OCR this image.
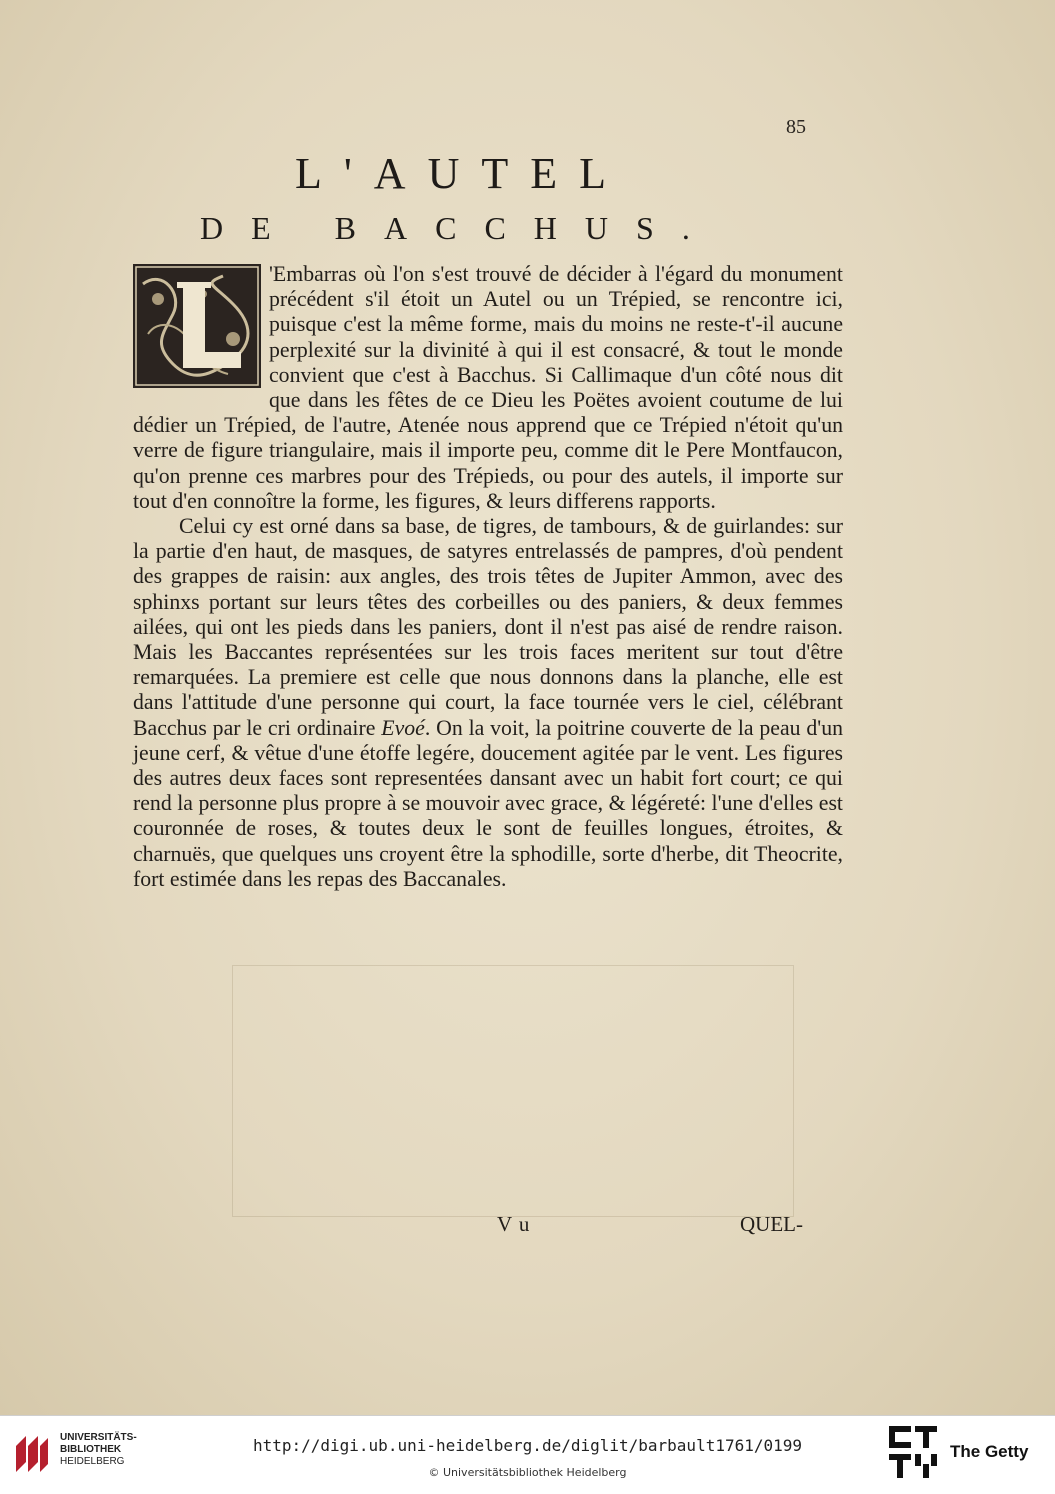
85
L'AUTEL
DE BACCHUS.

'Embarras où l'on s'est trouvé de décider à l'égard du monument précédent s'il étoit un Autel ou un Trépied, se rencontre ici, puisque c'est la même forme, mais du moins ne reste-t'-il aucune perplexité sur la divinité à qui il est consacré, & tout le monde convient que c'est à Bacchus. Si Callimaque d'un côté nous dit que dans les fêtes de ce Dieu les Poëtes avoient coutume de lui dédier un Trépied, de l'autre, Atenée nous apprend que ce Trépied n'étoit qu'un verre de figure triangulaire, mais il importe peu, comme dit le Pere Montfaucon, qu'on prenne ces marbres pour des Trépieds, ou pour des autels, il importe sur tout d'en connoître la forme, les figures, & leurs differens rapports.

Celui cy est orné dans sa base, de tigres, de tambours, & de guirlandes: sur la partie d'en haut, de masques, de satyres entrelassés de pampres, d'où pendent des grappes de raisin: aux angles, des trois têtes de Jupiter Ammon, avec des sphinxs portant sur leurs têtes des corbeilles ou des paniers, & deux femmes ailées, qui ont les pieds dans les paniers, dont il n'est pas aisé de rendre raison. Mais les Baccantes représentées sur les trois faces meritent sur tout d'être remarquées. La premiere est celle que nous donnons dans la planche, elle est dans l'attitude d'une personne qui court, la face tournée vers le ciel, célébrant Bacchus par le cri ordinaire Evoé. On la voit, la poitrine couverte de la peau d'un jeune cerf, & vêtue d'une étoffe legére, doucement agitée par le vent. Les figures des autres deux faces sont representées dansant avec un habit fort court; ce qui rend la personne plus propre à se mouvoir avec grace, & légéreté: l'une d'elles est couronnée de roses, & toutes deux le sont de feuilles longues, étroites, & charnuës, que quelques uns croyent être la sphodille, sorte d'herbe, dit Theocrite, fort estimée dans les repas des Baccanales.

Vu	QUEL-
UNIVERSITÄTS-
BIBLIOTHEK
HEIDELBERG
http://digi.ub.uni-heidelberg.de/diglit/barbault1761/0199
© Universitätsbibliothek Heidelberg
The Getty
